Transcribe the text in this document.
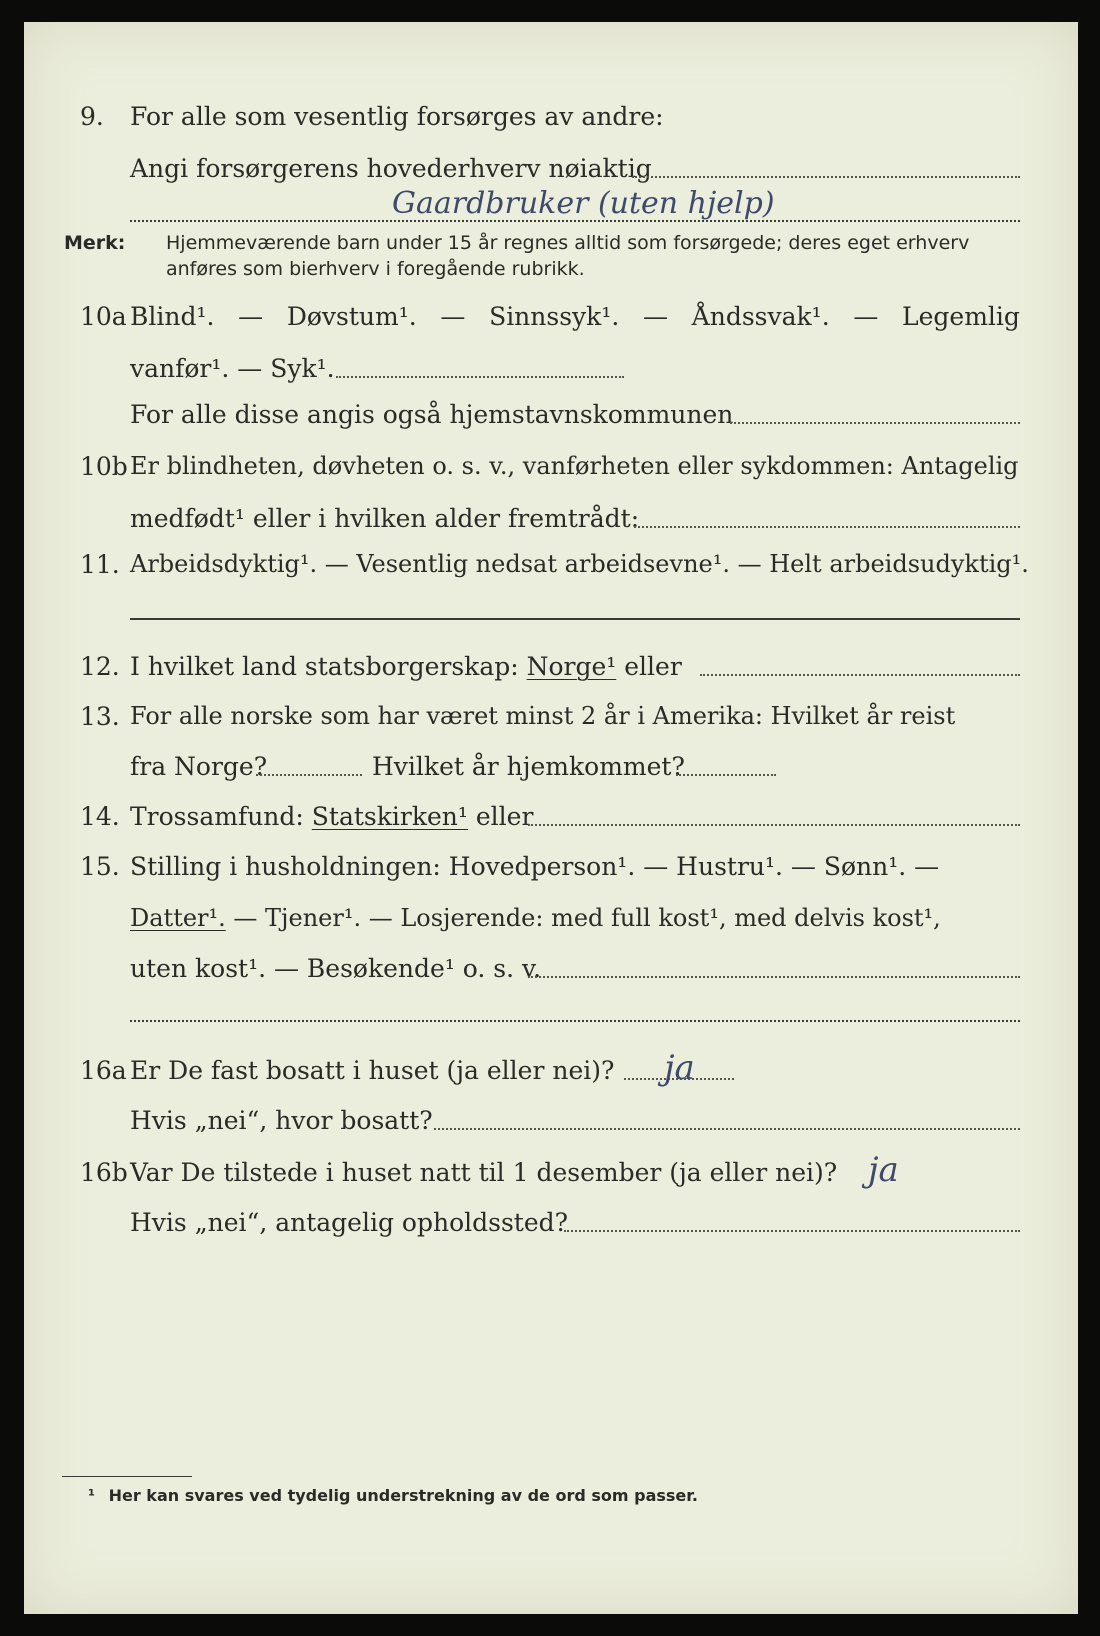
9. For alle som vesentlig forsørges av andre:
Angi forsørgerens hovederhverv nøiaktig
Gaardbruker (uten hjelp)
Merk: Hjemmeværende barn under 15 år regnes alltid som forsørgede; deres eget erhverv
anføres som bierhverv i foregående rubrikk.
10a Blind¹. — Døvstum¹. — Sinnssyk¹. — Åndssvak¹. — Legemlig
vanfør¹. — Syk¹.
For alle disse angis også hjemstavnskommunen
10b Er blindheten, døvheten o. s. v., vanførheten eller sykdommen: Antagelig
medfødt¹ eller i hvilken alder fremtrådt:
11. Arbeidsdyktig¹. — Vesentlig nedsat arbeidsevne¹. — Helt arbeidsudyktig¹.
12. I hvilket land statsborgerskap: Norge¹ eller
13. For alle norske som har været minst 2 år i Amerika: Hvilket år reist
fra Norge?	Hvilket år hjemkommet?
14. Trossamfund: Statskirken¹ eller
15. Stilling i husholdningen: Hovedperson¹. — Hustru¹. — Sønn¹. —
Datter¹. — Tjener¹. — Losjerende: med full kost¹, med delvis kost¹,
uten kost¹. — Besøkende¹ o. s. v.
16a Er De fast bosatt i huset (ja eller nei)? ja
Hvis „nei“, hvor bosatt?
16b Var De tilstede i huset natt til 1 desember (ja eller nei)? ja
Hvis „nei“, antagelig opholdssted?
¹ Her kan svares ved tydelig understrekning av de ord som passer.
